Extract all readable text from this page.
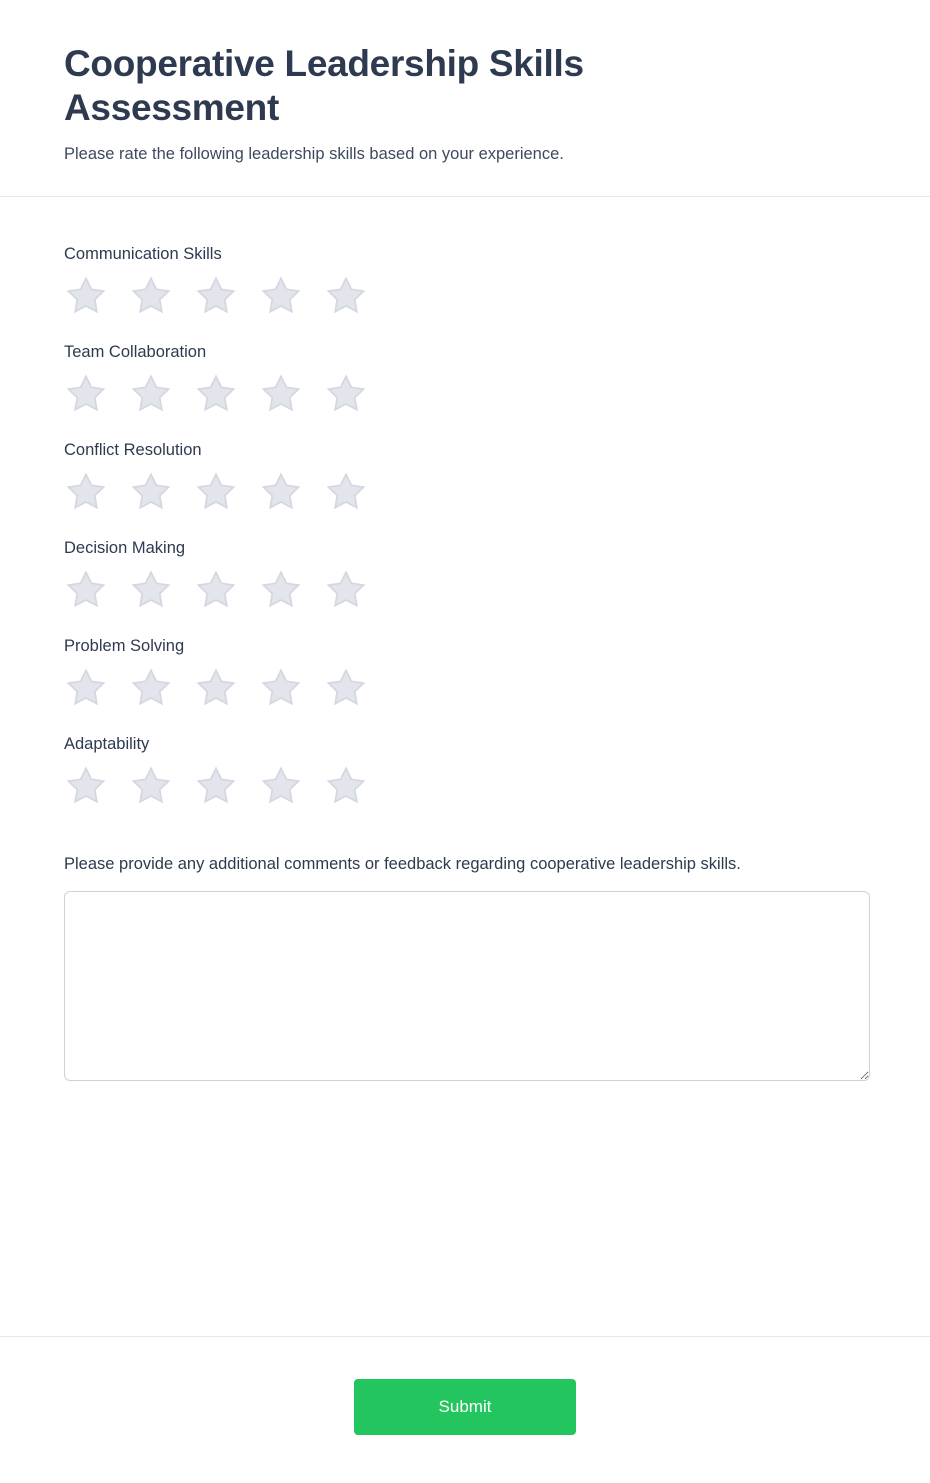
Cooperative Leadership Skills Assessment

Please rate the following leadership skills based on your experience.

Communication Skills
Team Collaboration
Conflict Resolution
Decision Making
Problem Solving
Adaptability
Please provide any additional comments or feedback regarding cooperative leadership skills.
Submit
